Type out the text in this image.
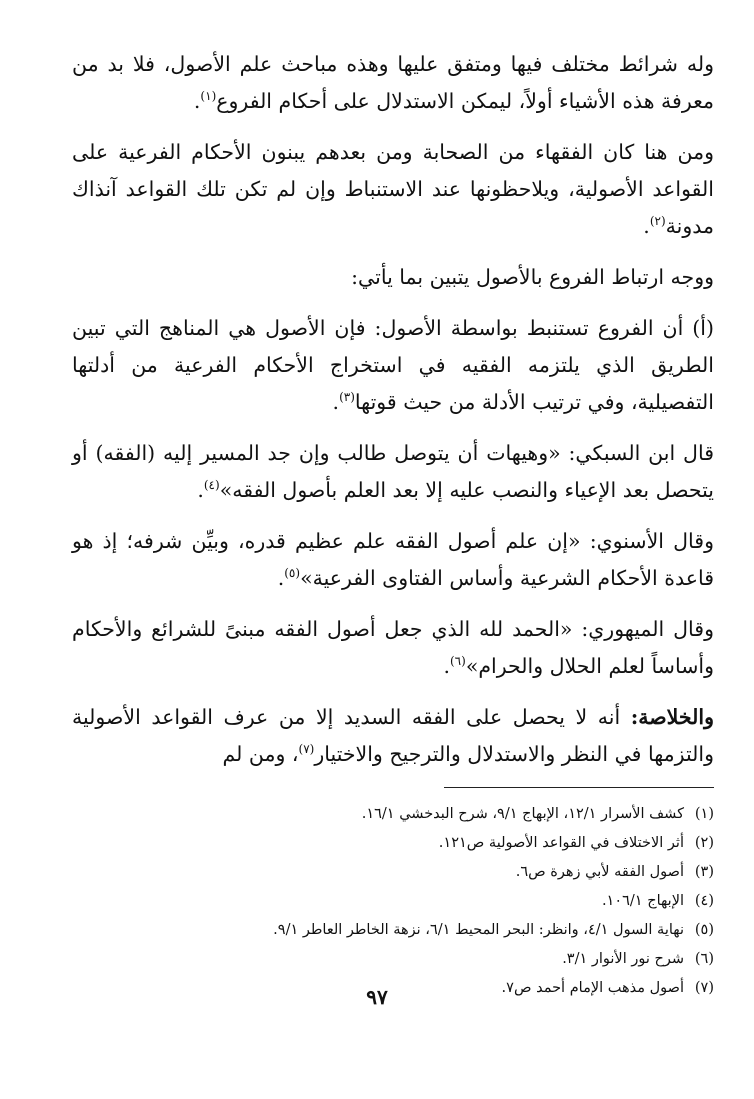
وله شرائط مختلف فيها ومتفق عليها وهذه مباحث علم الأصول، فلا بد من معرفة هذه الأشياء أولاً، ليمكن الاستدلال على أحكام الفروع$^{(١)}$.

ومن هنا كان الفقهاء من الصحابة ومن بعدهم يبنون الأحكام الفرعية على القواعد الأصولية، ويلاحظونها عند الاستنباط وإن لم تكن تلك القواعد آنذاك مدونة$^{(٢)}$.

ووجه ارتباط الفروع بالأصول يتبين بما يأتي:

(أ) أن الفروع تستنبط بواسطة الأصول: فإن الأصول هي المناهج التي تبين الطريق الذي يلتزمه الفقيه في استخراج الأحكام الفرعية من أدلتها التفصيلية، وفي ترتيب الأدلة من حيث قوتها$^{(٣)}$.

قال ابن السبكي: «وهيهات أن يتوصل طالب وإن جد المسير إليه (الفقه) أو يتحصل بعد الإعياء والنصب عليه إلا بعد العلم بأصول الفقه»$^{(٤)}$.

وقال الأسنوي: «إن علم أصول الفقه علم عظيم قدره، وبيِّن شرفه؛ إذ هو قاعدة الأحكام الشرعية وأساس الفتاوى الفرعية»$^{(٥)}$.

وقال الميهوري: «الحمد لله الذي جعل أصول الفقه مبنىً للشرائع والأحكام وأساساً لعلم الحلال والحرام»$^{(٦)}$.

والخلاصة: أنه لا يحصل على الفقه السديد إلا من عرف القواعد الأصولية والتزمها في النظر والاستدلال والترجيح والاختيار$^{(٧)}$، ومن لم

(١)
كشف الأسرار ١٢/١، الإبهاج ٩/١، شرح البدخشي ١٦/١.
(٢)
أثر الاختلاف في القواعد الأصولية ص١٢١.
(٣)
أصول الفقه لأبي زهرة ص٦.
(٤)
الإبهاج ١٠٦/١.
(٥)
نهاية السول ٤/١، وانظر: البحر المحيط ٦/١، نزهة الخاطر العاطر ٩/١.
(٦)
شرح نور الأنوار ٣/١.
(٧)
أصول مذهب الإمام أحمد ص٧.
٩٧
